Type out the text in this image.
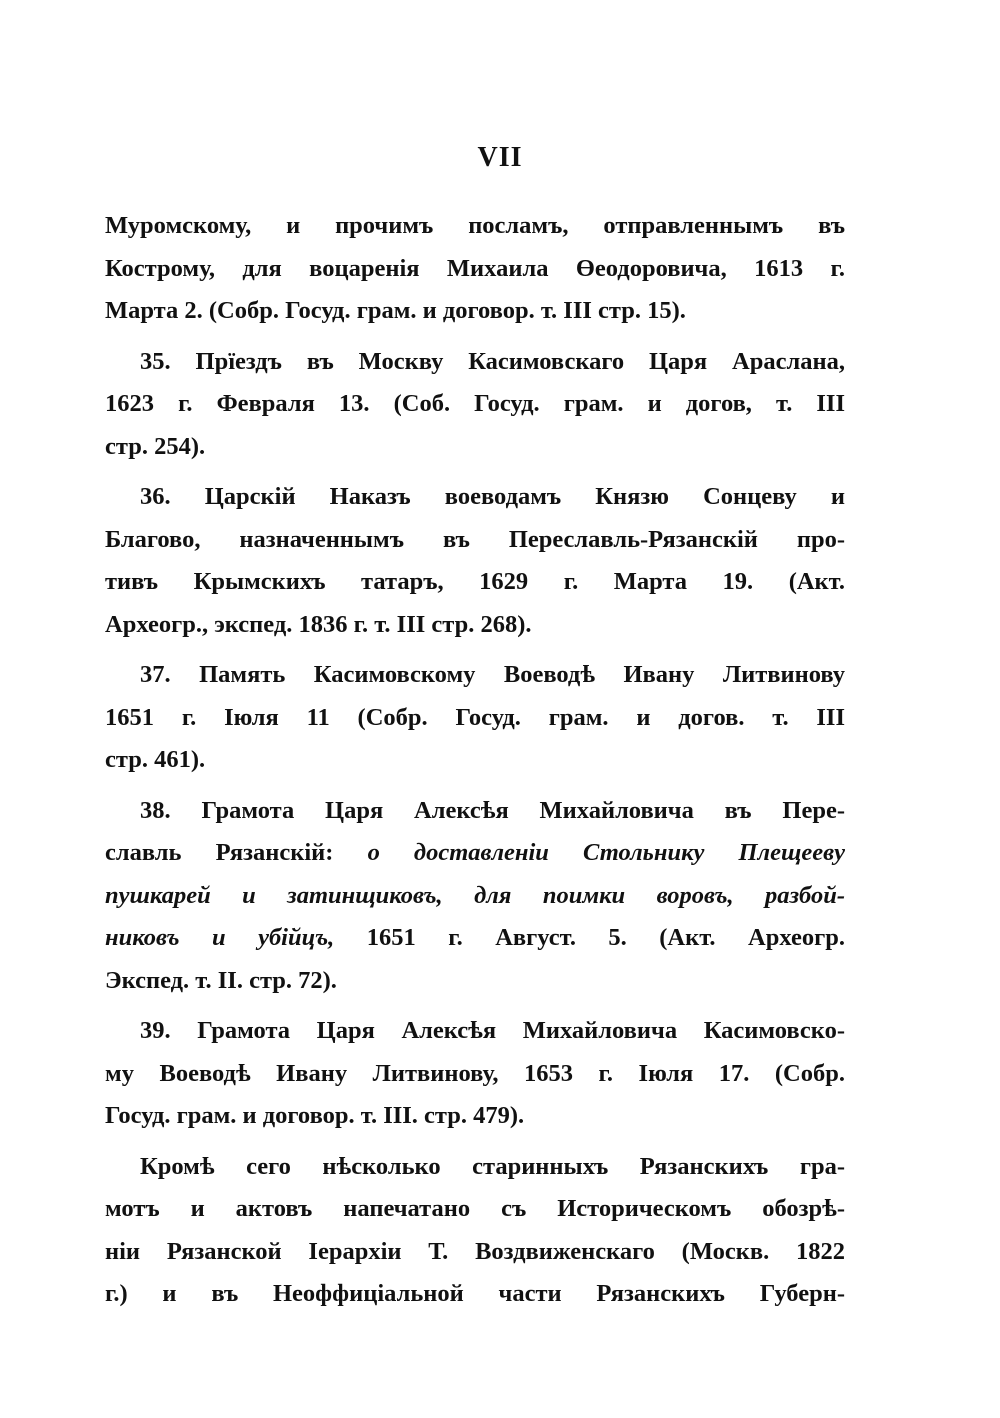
VII
Муромскому, и прочимъ посламъ, отправленнымъ въ
Кострому, для воцаренія Михаила Өеодоровича, 1613 г.
Марта 2. (Собр. Госуд. грам. и договор. т. III стр. 15).
35. Прїездъ въ Москву Касимовскаго Царя Араслана,
1623 г. Февраля 13. (Соб. Госуд. грам. и догов, т. III
стр. 254).
36. Царскій Наказъ воеводамъ Князю Сонцеву и
Благово, назначеннымъ въ Переславль-Рязанскій про-
тивъ Крымскихъ татаръ, 1629 г. Марта 19. (Акт.
Археогр., экспед. 1836 г. т. III стр. 268).
37. Память Касимовскому Воеводѣ Ивану Литвинову
1651 г. Іюля 11 (Собр. Госуд. грам. и догов. т. III
стр. 461).
38. Грамота Царя Алексѣя Михайловича въ Пере-
славль Рязанскій: о доставленіи Стольнику Плещееву
пушкарей и затинщиковъ, для поимки воровъ, разбой-
никовъ и убійцъ, 1651 г. Август. 5. (Акт. Археогр.
Экспед. т. II. стр. 72).
39. Грамота Царя Алексѣя Михайловича Касимовско-
му Воеводѣ Ивану Литвинову, 1653 г. Іюля 17. (Собр.
Госуд. грам. и договор. т. III. стр. 479).
Кромѣ сего нѣсколько старинныхъ Рязанскихъ гра-
мотъ и актовъ напечатано съ Историческомъ обозрѣ-
ніи Рязанской Іерархіи Т. Воздвиженскаго (Москв. 1822
г.) и въ Неоффиціальной части Рязанскихъ Губерн-
